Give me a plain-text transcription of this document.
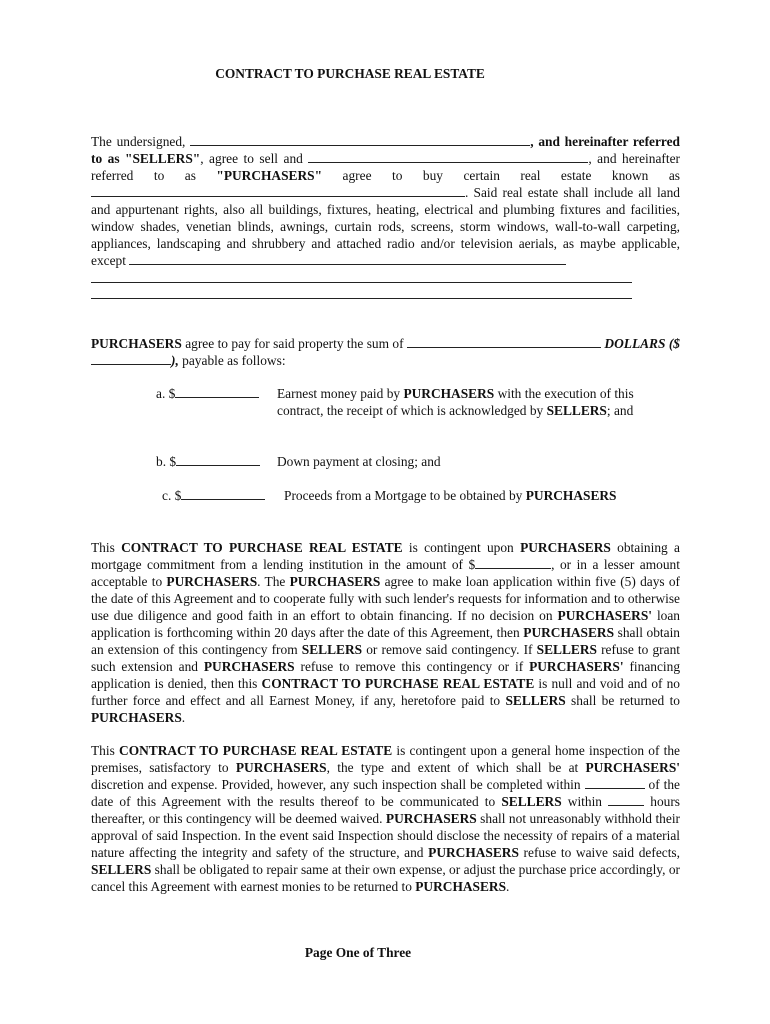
CONTRACT TO PURCHASE REAL ESTATE

The undersigned,	, and hereinafter referred to as "SELLERS", agree to sell and	, and hereinafter referred to as "PURCHASERS" agree to buy certain real estate known as . Said real estate shall include all land and appurtenant rights, also all buildings, fixtures, heating, electrical and plumbing fixtures and facilities, window shades, venetian blinds, awnings, curtain rods, screens, storm windows, wall-to-wall carpeting, appliances, landscaping and shrubbery and attached radio and/or television aerials, as maybe applicable, except

PURCHASERS agree to pay for said property the sum of	DOLLARS ($), payable as follows:

a. $	Earnest money paid by PURCHASERS with the execution of this contract, the receipt of which is acknowledged by SELLERS; and
b. $	Down payment at closing; and
c. $	Proceeds from a Mortgage to be obtained by PURCHASERS

This CONTRACT TO PURCHASE REAL ESTATE is contingent upon PURCHASERS obtaining a mortgage commitment from a lending institution in the amount of $	, or in a lesser amount acceptable to PURCHASERS. The PURCHASERS agree to make loan application within five (5) days of the date of this Agreement and to cooperate fully with such lender's requests for information and to otherwise use due diligence and good faith in an effort to obtain financing. If no decision on PURCHASERS' loan application is forthcoming within 20 days after the date of this Agreement, then PURCHASERS shall obtain an extension of this contingency from SELLERS or remove said contingency. If SELLERS refuse to grant such extension and PURCHASERS refuse to remove this contingency or if PURCHASERS' financing application is denied, then this CONTRACT TO PURCHASE REAL ESTATE is null and void and of no further force and effect and all Earnest Money, if any, heretofore paid to SELLERS shall be returned to PURCHASERS.

This CONTRACT TO PURCHASE REAL ESTATE is contingent upon a general home inspection of the premises, satisfactory to PURCHASERS, the type and extent of which shall be at PURCHASERS' discretion and expense. Provided, however, any such inspection shall be completed within	of the date of this Agreement with the results thereof to be communicated to SELLERS within	hours thereafter, or this contingency will be deemed waived. PURCHASERS shall not unreasonably withhold their approval of said Inspection. In the event said Inspection should disclose the necessity of repairs of a material nature affecting the integrity and safety of the structure, and PURCHASERS refuse to waive said defects, SELLERS shall be obligated to repair same at their own expense, or adjust the purchase price accordingly, or cancel this Agreement with earnest monies to be returned to PURCHASERS.

Page One of Three
